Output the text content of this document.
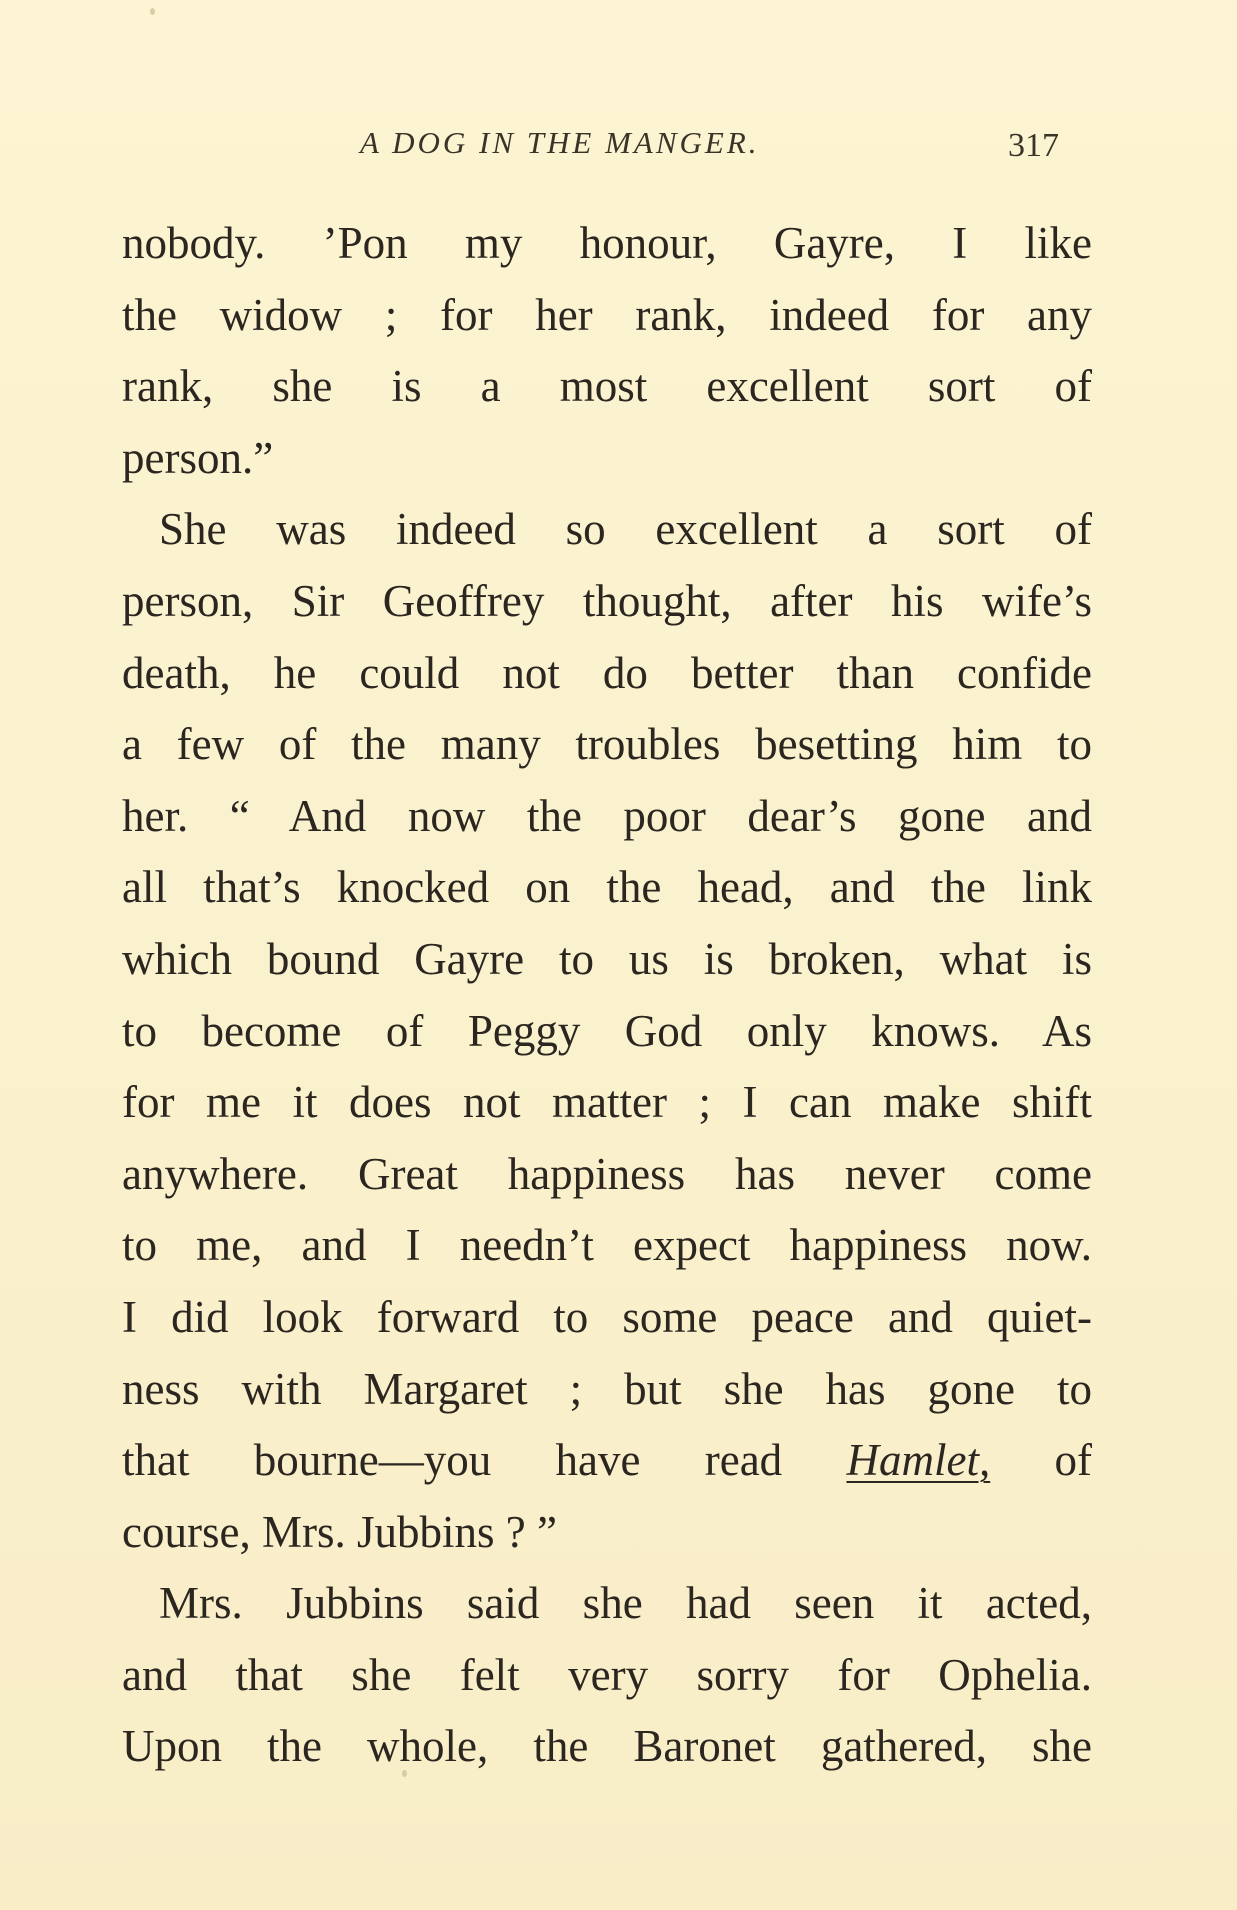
A DOG IN THE MANGER.	317
nobody. ’Pon my honour, Gayre, I like
the widow ; for her rank, indeed for any
rank, she is a most excellent sort of
person.”
She was indeed so excellent a sort of
person, Sir Geoffrey thought, after his wife’s
death, he could not do better than confide
a few of the many troubles besetting him to
her. “ And now the poor dear’s gone and
all that’s knocked on the head, and the link
which bound Gayre to us is broken, what is
to become of Peggy God only knows. As
for me it does not matter ; I can make shift
anywhere. Great happiness has never come
to me, and I needn’t expect happiness now.
I did look forward to some peace and quiet-
ness with Margaret ; but she has gone to
that bourne—you have read Hamlet, of
course, Mrs. Jubbins ? ”
Mrs. Jubbins said she had seen it acted,
and that she felt very sorry for Ophelia.
Upon the whole, the Baronet gathered, she
